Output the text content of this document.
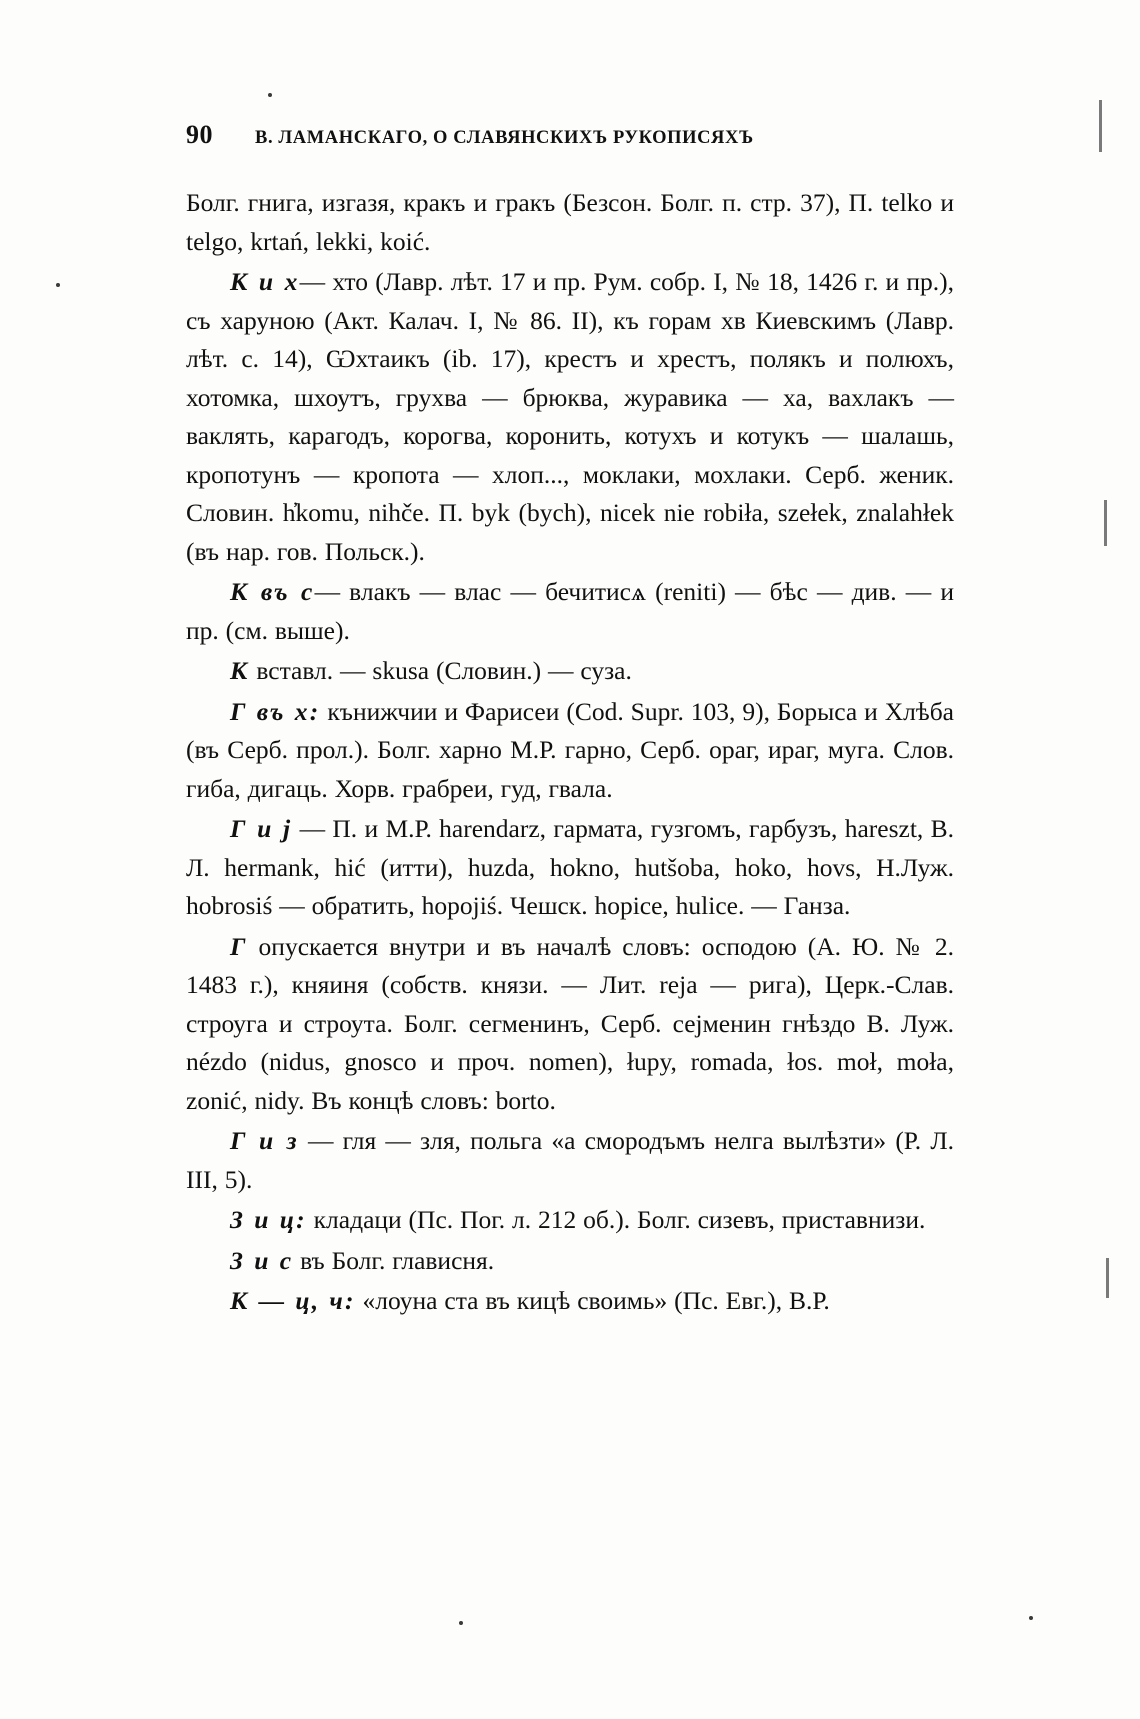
90 В. ЛАМАНСКАГО, О СЛАВЯНСКИХЪ РУКОПИСЯХЪ

Болг. гнига, изгазя, кракъ и гракъ (Безсон. Болг. п. стр. 37), П. telko и telgo, krtań, lekki, koić.

К и х— хто (Лавр. лѣт. 17 и пр. Рум. собр. I, № 18, 1426 г. и пр.), съ харуною (Акт. Калач. I, № 86. II), къ горам хв Киевскимъ (Лавр. лѣт. с. 14), Ѡхтаикъ (ib. 17), крестъ и хрестъ, полякъ и полюхъ, хотомка, шхоутъ, грухва — брюква, журавика — ха, вахлакъ —ваклять, карагодъ, корогва, коронить, котухъ и котукъ — шалашь, кропотунъ — кропота — хлоп..., моклаки, мохлаки. Серб. женик. Словин. h̓komu, nihče. П. byk (bych), nicek nie robiła, szełek, znalahłek (въ нар. гов. Польск.).

К въ с— влакъ — влас — бечитисѧ (reniti) — бѣс — див. — и пр. (см. выше).

К вставл. — skusa (Словин.) — суза.

Г въ х: кънижчии и Фарисеи (Cod. Supr. 103, 9), Борыса и Хлѣба (въ Серб. прол.). Болг. харно М.Р. гарно, Серб. ораг, ираг, муга. Слов. гиба, дигаць. Хорв. грабреи, гуд, гвала.

Г и j — П. и М.Р. harendarz, гармата, гузгомъ, гарбузъ, hareszt, В. Л. hermank, hić (итти), huzda, hokno, hutšoba, hoko, hovs, Н.Луж. hobrosiś — обратить, hopojiś. Чешск. hopice, hulice. — Ганза.

Г опускается внутри и въ началѣ словъ: осподою (А. Ю. № 2. 1483 г.), княиня (собств. князи. — Лит. reja — рига), Церк.-Слав. строуга и строута. Болг. сегменинъ, Серб. сејменин гнѣздо В. Луж. nézdo (nidus, gnosco и проч. nomen), łupy, romada, łos. mоł, mоłа, zonić, nidy. Въ концѣ словъ: borto.

Г и з — гля — зля, польга «а смородъмъ нелга вылѣзти» (Р. Л. III, 5).

З и ц: кладаци (Пс. Пог. л. 212 об.). Болг. сизевъ, приставнизи.

З и с въ Болг. глависня.

К — ц, ч: «лоуна ста въ кицѣ своимь» (Пс. Евг.), В.Р.
